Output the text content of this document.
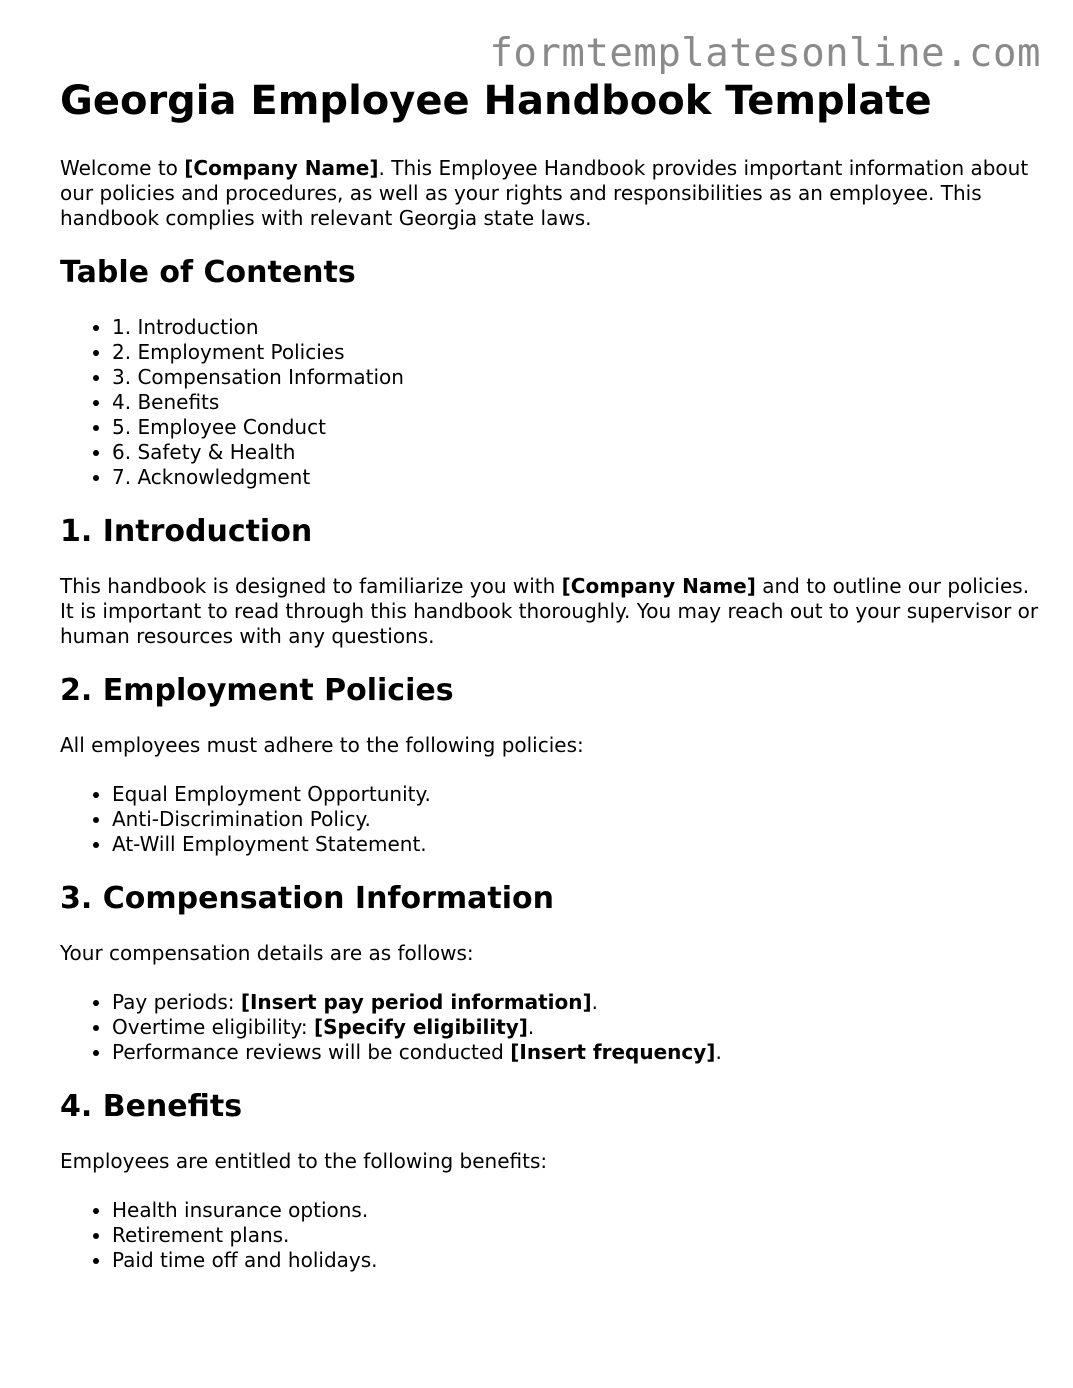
formtemplatesonline.com
Georgia Employee Handbook Template

Welcome to [Company Name]. This Employee Handbook provides important information about our policies and procedures, as well as your rights and responsibilities as an employee. This handbook complies with relevant Georgia state laws.

Table of Contents
• 1. Introduction
• 2. Employment Policies
• 3. Compensation Information
• 4. Benefits
• 5. Employee Conduct
• 6. Safety & Health
• 7. Acknowledgment
1. Introduction

This handbook is designed to familiarize you with [Company Name] and to outline our policies. It is important to read through this handbook thoroughly. You may reach out to your supervisor or human resources with any questions.

2. Employment Policies

All employees must adhere to the following policies:

• Equal Employment Opportunity.
• Anti-Discrimination Policy.
• At-Will Employment Statement.
3. Compensation Information

Your compensation details are as follows:

• Pay periods: [Insert pay period information].
• Overtime eligibility: [Specify eligibility].
• Performance reviews will be conducted [Insert frequency].
4. Benefits

Employees are entitled to the following benefits:

• Health insurance options.
• Retirement plans.
• Paid time off and holidays.
